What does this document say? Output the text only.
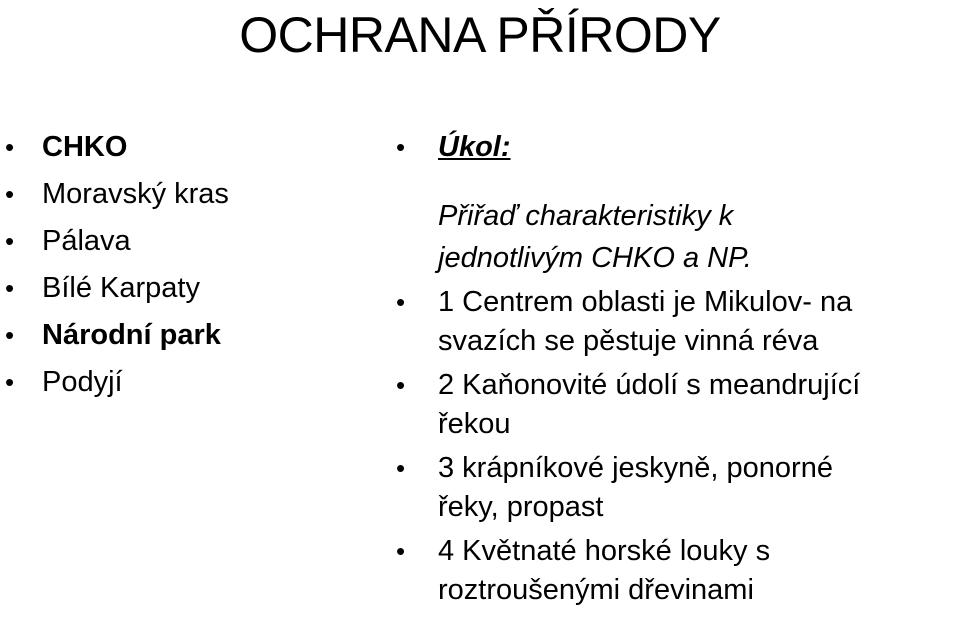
OCHRANA PŘÍRODY
• CHKO
• Moravský kras
• Pálava
• Bílé Karpaty
• Národní park
• Podyjí
• Úkol:
Přiřaď charakteristiky k
jednotlivým CHKO a NP.
• 1 Centrem oblasti je Mikulov- na
svazích se pěstuje vinná réva
• 2 Kaňonovité údolí s meandrující
řekou
• 3 krápníkové jeskyně, ponorné
řeky, propast
• 4 Květnaté horské louky s
roztroušenými dřevinami
